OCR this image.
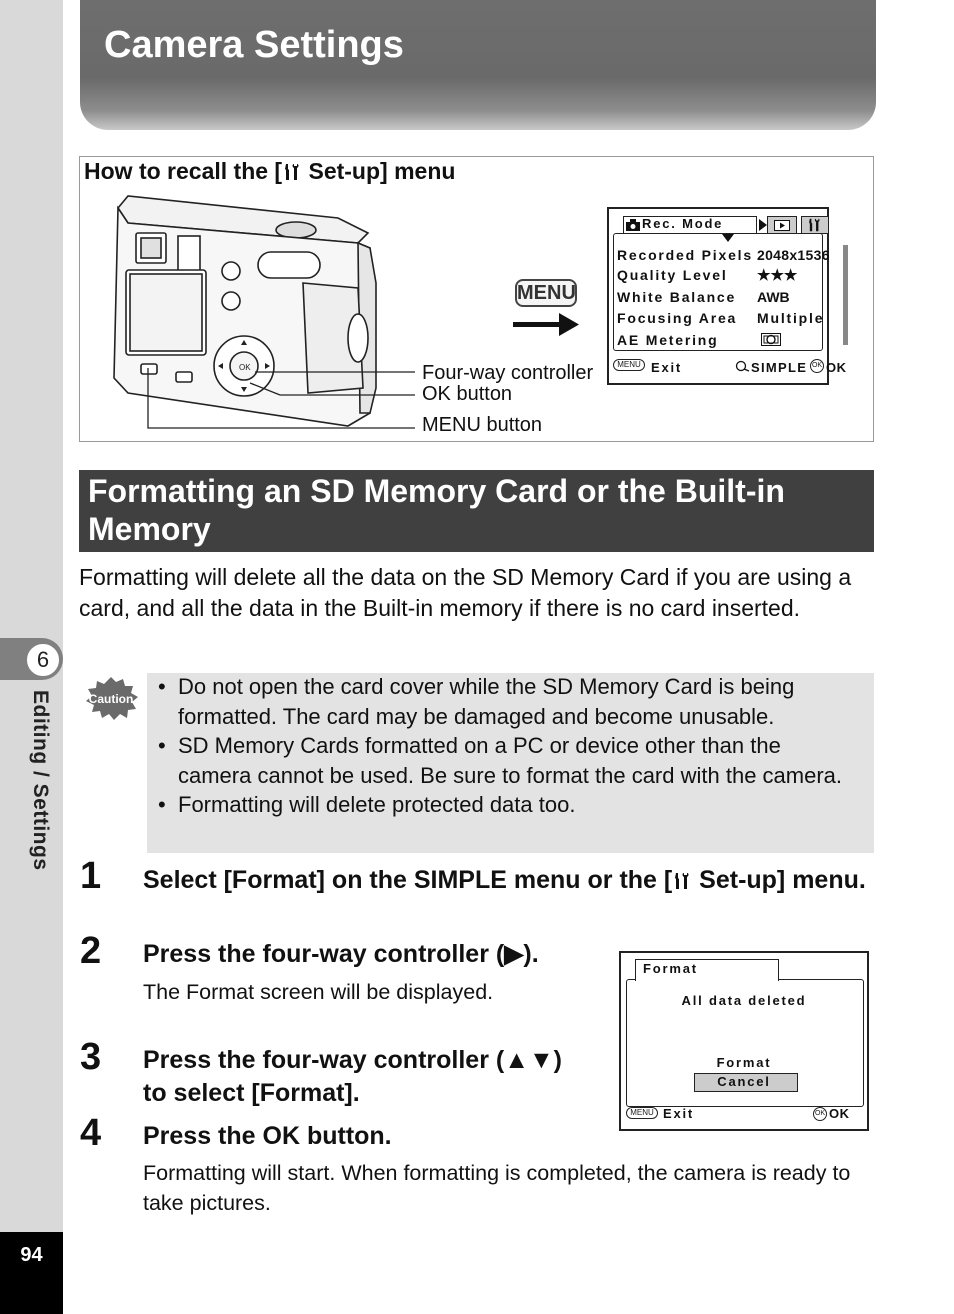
6
Editing / Settings
94
Camera Settings
How to recall the [ Set-up] menu
OK	Four-way controller
OK button
MENU button
MENU
Rec. Mode
Recorded Pixels 2048x1536
Quality Level ★★★
White Balance AWB
Focusing Area Multiple
AE Metering
MENU Exit	SIMPLE OK OK
Formatting an SD Memory Card or the Built-in Memory
Formatting will delete all the data on the SD Memory Card if you are using a card, and all the data in the Built-in memory if there is no card inserted.
Caution
•	Do not open the card cover while the SD Memory Card is being formatted. The card may be damaged and become unusable.
• SD Memory Cards formatted on a PC or device other than the camera cannot be used. Be sure to format the card with the camera.
• Formatting will delete protected data too.
1 Select [Format] on the SIMPLE menu or the [ Set-up] menu.
2 Press the four-way controller (▶).
The Format screen will be displayed.
3 Press the four-way controller (▲▼) to select [Format].
4 Press the OK button.
Formatting will start. When formatting is completed, the camera is ready to take pictures.
Format
All data deleted
Format
Cancel
MENU Exit	OK OK
